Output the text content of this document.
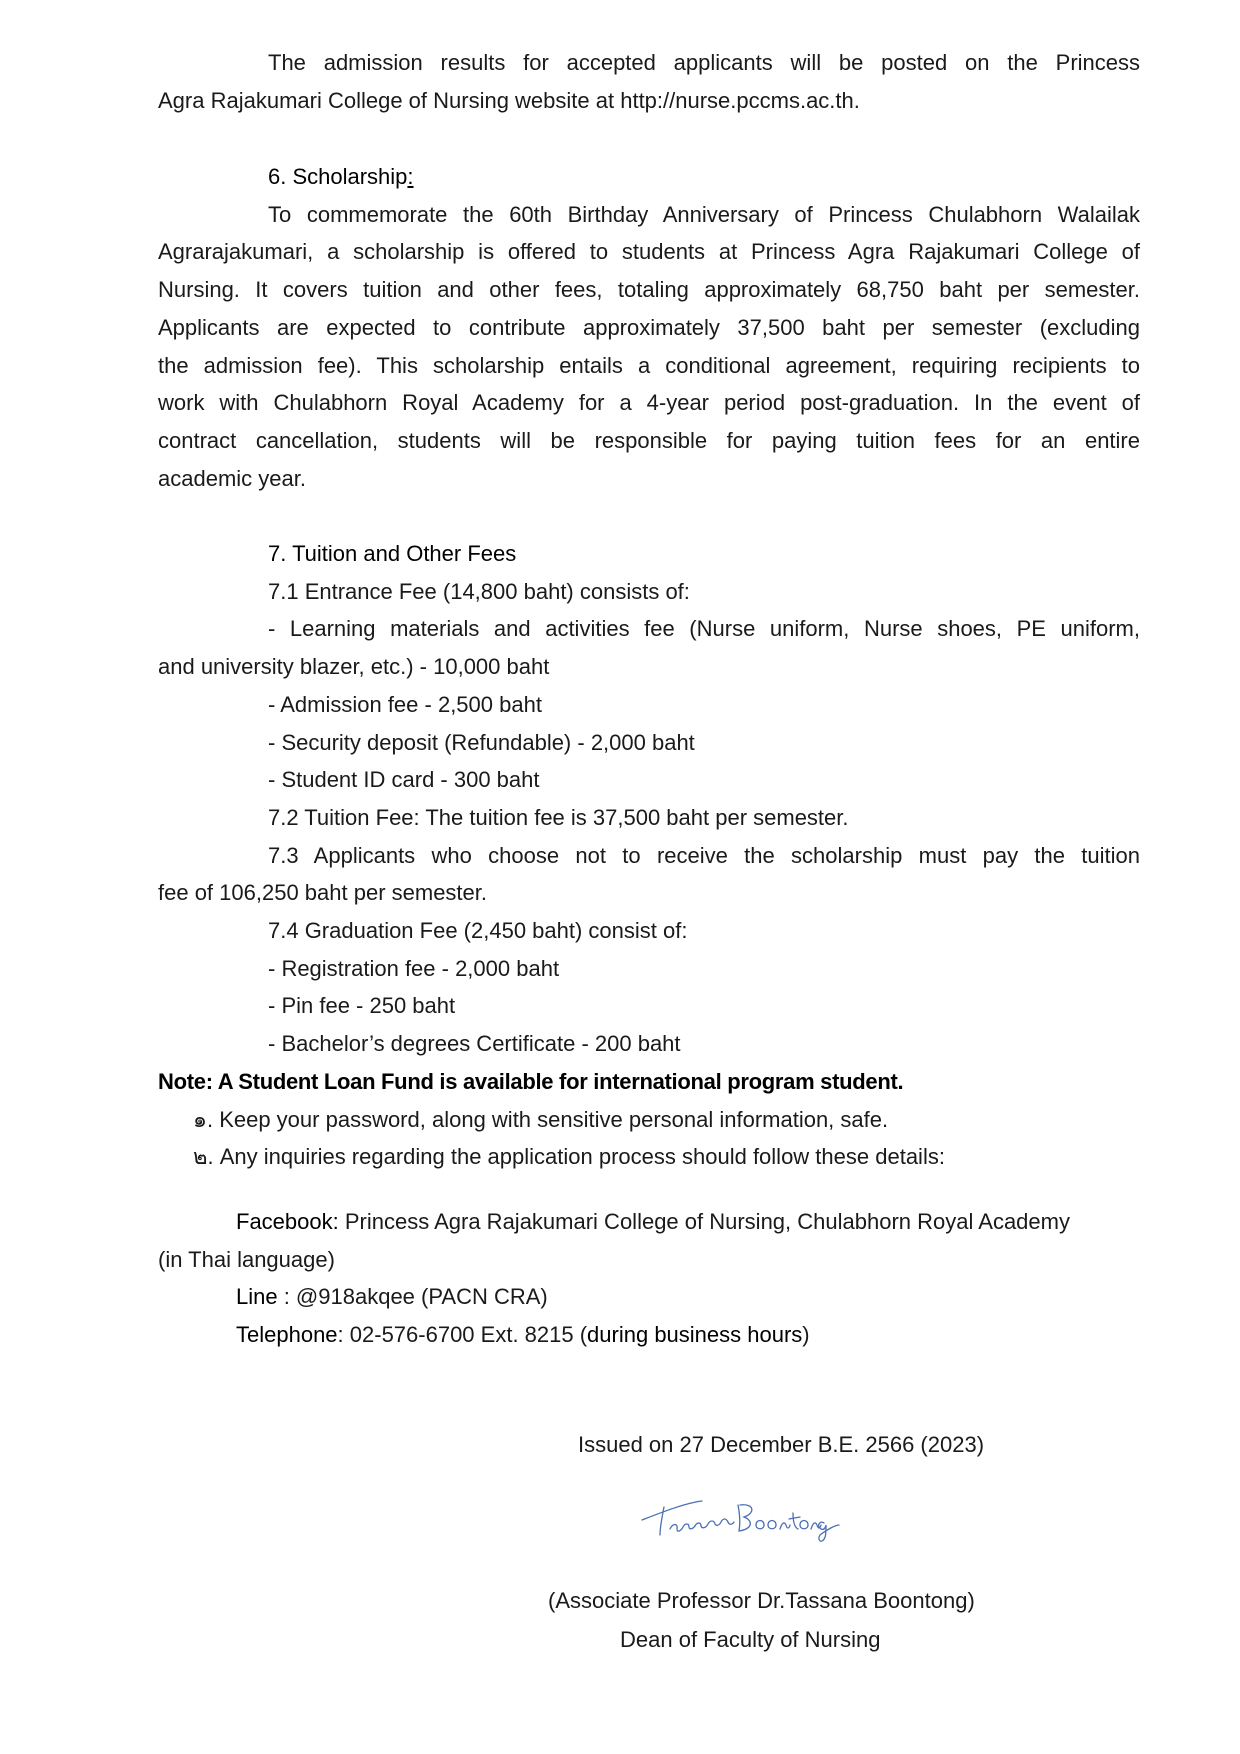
The admission results for accepted applicants will be posted on the Princess
Agra Rajakumari College of Nursing website at http://nurse.pccms.ac.th.
6. Scholarship:
To commemorate the 60th Birthday Anniversary of Princess Chulabhorn Walailak
Agrarajakumari, a scholarship is offered to students at Princess Agra Rajakumari College of
Nursing. It covers tuition and other fees, totaling approximately 68,750 baht per semester.
Applicants are expected to contribute approximately 37,500 baht per semester (excluding
the admission fee). This scholarship entails a conditional agreement, requiring recipients to
work with Chulabhorn Royal Academy for a 4-year period post-graduation. In the event of
contract cancellation, students will be responsible for paying tuition fees for an entire
academic year.
7. Tuition and Other Fees
7.1 Entrance Fee (14,800 baht) consists of:
- Learning materials and activities fee (Nurse uniform, Nurse shoes, PE uniform,
and university blazer, etc.) - 10,000 baht
- Admission fee - 2,500 baht
- Security deposit (Refundable) - 2,000 baht
- Student ID card - 300 baht
7.2 Tuition Fee: The tuition fee is 37,500 baht per semester.
7.3 Applicants who choose not to receive the scholarship must pay the tuition
fee of 106,250 baht per semester.
7.4 Graduation Fee (2,450 baht) consist of:
- Registration fee - 2,000 baht
- Pin fee - 250 baht
- Bachelor’s degrees Certificate - 200 baht
Note: A Student Loan Fund is available for international program student.
๑. Keep your password, along with sensitive personal information, safe.
๒. Any inquiries regarding the application process should follow these details:
Facebook: Princess Agra Rajakumari College of Nursing, Chulabhorn Royal Academy
(in Thai language)
Line : @918akqee (PACN CRA)
Telephone: 02-576-6700 Ext. 8215 (during business hours)
Issued on 27 December B.E. 2566 (2023)
(Associate Professor Dr.Tassana Boontong)
Dean of Faculty of Nursing
